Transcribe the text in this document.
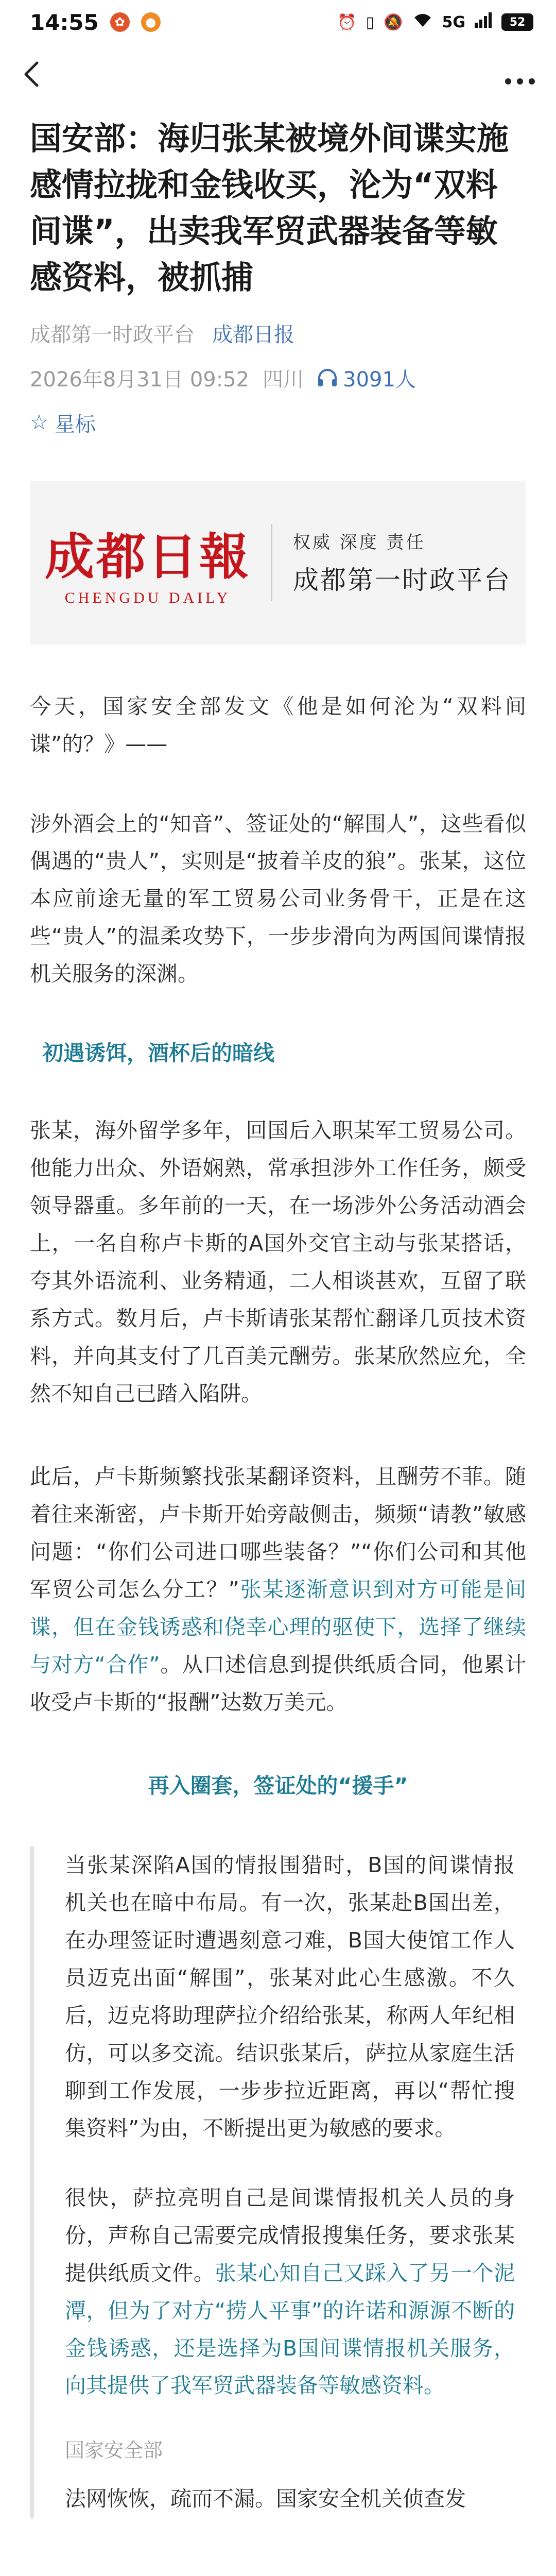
14:55	✿	●	⏰ ▯ 🔕	5G	52
国安部：海归张某被境外间谍实施感情拉拢和金钱收买，沦为“双料间谍”，出卖我军贸武器装备等敏感资料，被抓捕
成都第一时政平台 成都日报
2026年8月31日 09:52 四川 3091人
☆ 星标
成都日報
CHENGDU DAILY
权威 深度 责任
成都第一时政平台

今天，国家安全部发文《他是如何沦为“双料间谍”的？》——

涉外酒会上的“知音”、签证处的“解围人”，这些看似偶遇的“贵人”，实则是“披着羊皮的狼”。张某，这位本应前途无量的军工贸易公司业务骨干，正是在这些“贵人”的温柔攻势下，一步步滑向为两国间谍情报机关服务的深渊。

初遇诱饵，酒杯后的暗线

张某，海外留学多年，回国后入职某军工贸易公司。他能力出众、外语娴熟，常承担涉外工作任务，颇受领导器重。多年前的一天，在一场涉外公务活动酒会上，一名自称卢卡斯的A国外交官主动与张某搭话，夸其外语流利、业务精通，二人相谈甚欢，互留了联系方式。数月后，卢卡斯请张某帮忙翻译几页技术资料，并向其支付了几百美元酬劳。张某欣然应允，全然不知自己已踏入陷阱。

此后，卢卡斯频繁找张某翻译资料，且酬劳不菲。随着往来渐密，卢卡斯开始旁敲侧击，频频“请教”敏感问题：“你们公司进口哪些装备？”“你们公司和其他军贸公司怎么分工？”张某逐渐意识到对方可能是间谍，但在金钱诱惑和侥幸心理的驱使下，选择了继续与对方“合作”。从口述信息到提供纸质合同，他累计收受卢卡斯的“报酬”达数万美元。

再入圈套，签证处的“援手”

当张某深陷A国的情报围猎时，B国的间谍情报机关也在暗中布局。有一次，张某赴B国出差，在办理签证时遭遇刻意刁难，B国大使馆工作人员迈克出面“解围”，张某对此心生感激。不久后，迈克将助理萨拉介绍给张某，称两人年纪相仿，可以多交流。结识张某后，萨拉从家庭生活聊到工作发展，一步步拉近距离，再以“帮忙搜集资料”为由，不断提出更为敏感的要求。

很快，萨拉亮明自己是间谍情报机关人员的身份，声称自己需要完成情报搜集任务，要求张某提供纸质文件。张某心知自己又踩入了另一个泥潭，但为了对方“捞人平事”的许诺和源源不断的金钱诱惑，还是选择为B国间谍情报机关服务，向其提供了我军贸武器装备等敏感资料。

国家安全部

法网恢恢，疏而不漏。国家安全机关侦查发
